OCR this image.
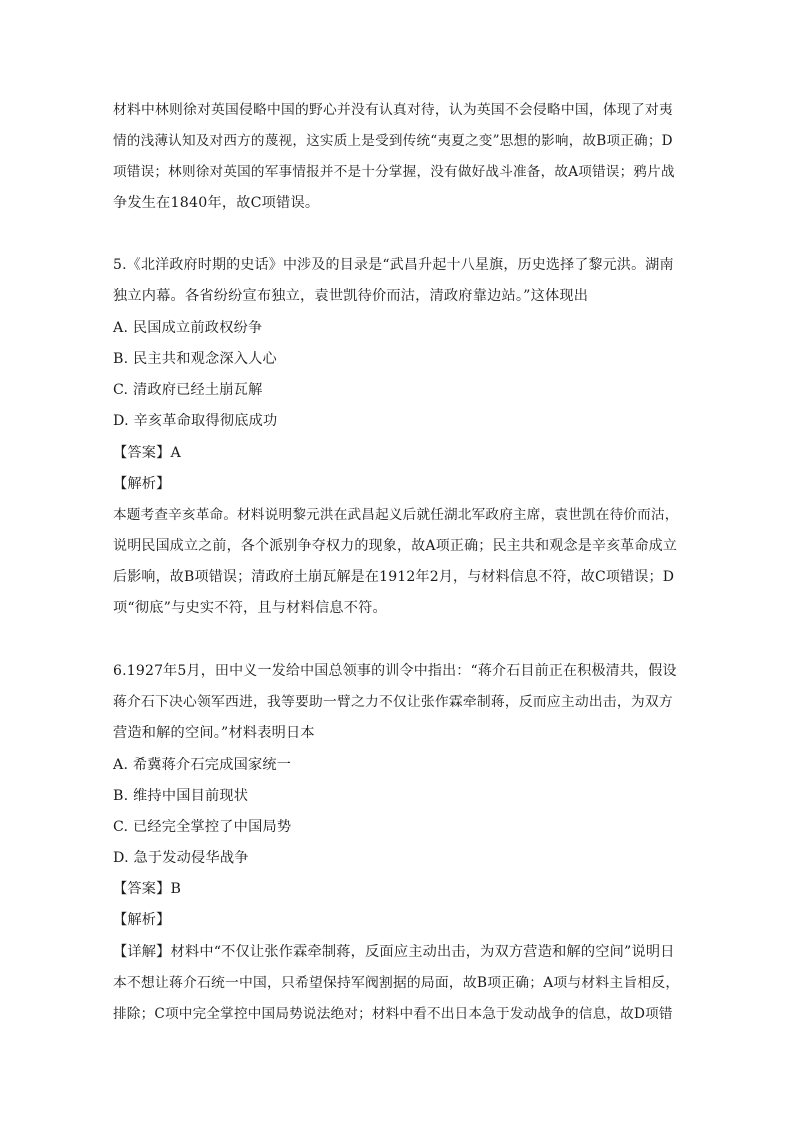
材料中林则徐对英国侵略中国的野心并没有认真对待，认为英国不会侵略中国，体现了对夷
情的浅薄认知及对西方的蔑视，这实质上是受到传统“夷夏之变”思想的影响，故B项正确；D
项错误；林则徐对英国的军事情报并不是十分掌握，没有做好战斗准备，故A项错误；鸦片战
争发生在1840年，故C项错误。
5.《北洋政府时期的史话》中涉及的目录是“武昌升起十八星旗，历史选择了黎元洪。湖南
独立内幕。各省纷纷宣布独立，袁世凯待价而沽，清政府靠边站。”这体现出
A. 民国成立前政权纷争
B. 民主共和观念深入人心
C. 清政府已经土崩瓦解
D. 辛亥革命取得彻底成功
【答案】A
【解析】
本题考查辛亥革命。材料说明黎元洪在武昌起义后就任湖北军政府主席，袁世凯在待价而沽，
说明民国成立之前，各个派别争夺权力的现象，故A项正确；民主共和观念是辛亥革命成立
后影响，故B项错误；清政府土崩瓦解是在1912年2月，与材料信息不符，故C项错误；D
项“彻底”与史实不符，且与材料信息不符。
6.1927年5月，田中义一发给中国总领事的训令中指出：“蒋介石目前正在积极清共，假设
蒋介石下决心领军西进，我等要助一臂之力不仅让张作霖牵制蒋，反而应主动出击，为双方
营造和解的空间。”材料表明日本
A. 希冀蒋介石完成国家统一
B. 维持中国目前现状
C. 已经完全掌控了中国局势
D. 急于发动侵华战争
【答案】B
【解析】
【详解】材料中“不仅让张作霖牵制蒋，反面应主动出击，为双方营造和解的空间”说明日
本不想让蒋介石统一中国，只希望保持军阀割据的局面，故B项正确；A项与材料主旨相反，
排除；C项中完全掌控中国局势说法绝对；材料中看不出日本急于发动战争的信息，故D项错
